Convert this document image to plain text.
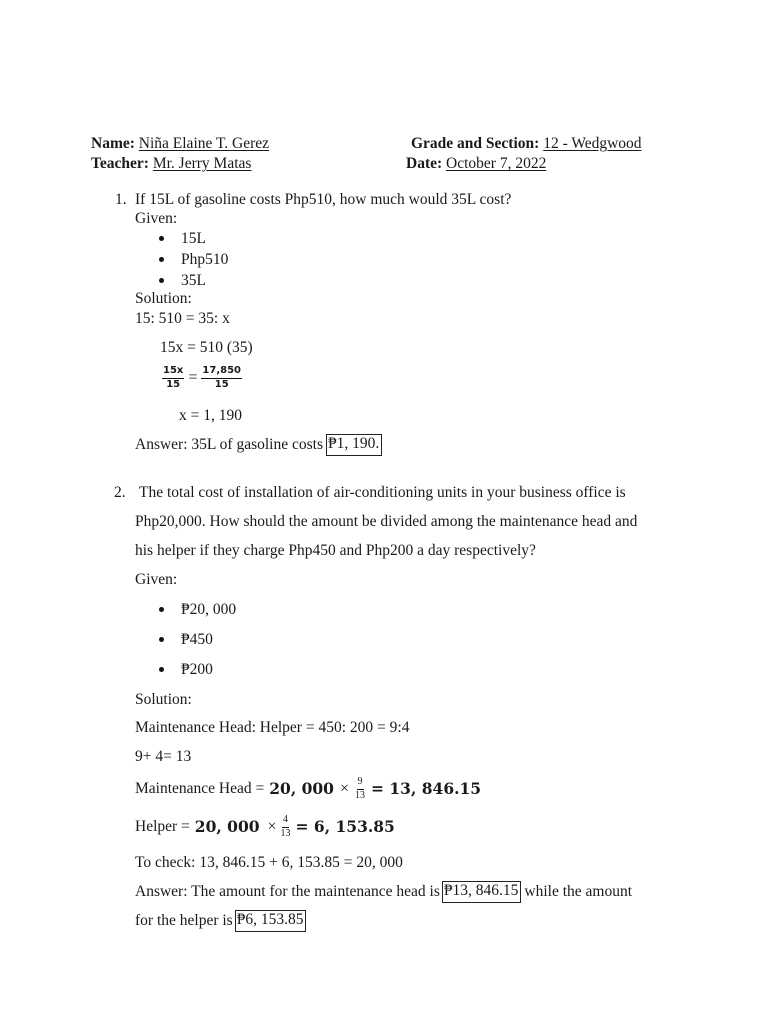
Name: Niña Elaine T. Gerez	Grade and Section: 12 - Wedgwood
Teacher: Mr. Jerry Matas	Date: October 7, 2022
1. If 15L of gasoline costs Php510, how much would 35L cost?
Given:
15L
Php510
35L
Solution:
15: 510 = 35: x
15x = 510 (35)
$\frac{15x}{15} = \frac{17,850}{15}$
x = 1, 190
Answer: 35L of gasoline costs ₱1, 190.
2. The total cost of installation of air-conditioning units in your business office is
Php20,000. How should the amount be divided among the maintenance head and
his helper if they charge Php450 and Php200 a day respectively?
Given:
₱20, 000
₱450
₱200
Solution:
Maintenance Head: Helper = 450: 200 = 9:4
9+ 4= 13
Maintenance Head = 20, $000 \times \frac{9}{13} = 13$, 846.15
Helper = 20, $000 \times \frac{4}{13} = 6$, 153.85
To check: 13, 846.15 + 6, 153.85 = 20, 000
Answer: The amount for the maintenance head is ₱13, 846.15 while the amount
for the helper is ₱6, 153.85
